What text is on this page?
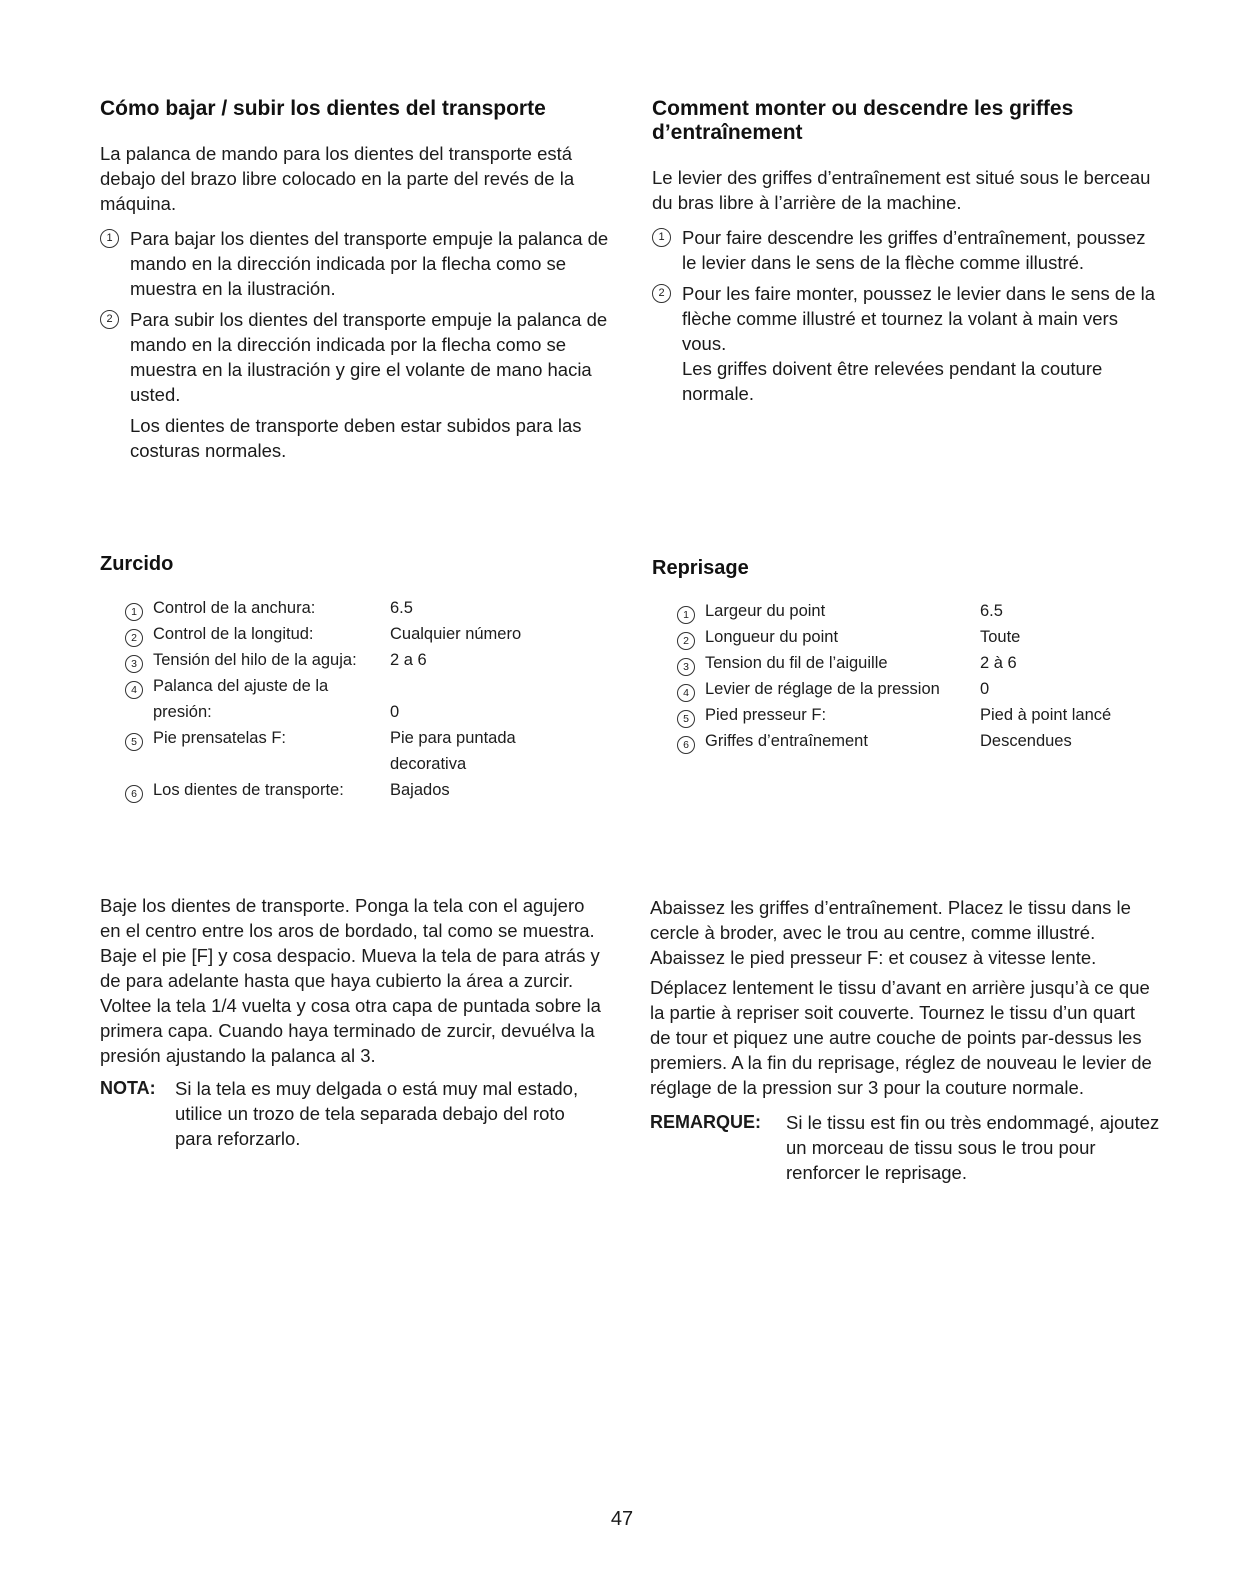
Cómo bajar / subir los dientes del transporte

La palanca de mando para los dientes del transporte está debajo del brazo libre colocado en la parte del revés de la máquina.

1 Para bajar los dientes del transporte empuje la palanca de mando en la dirección indicada por la flecha como se muestra en la ilustración.
2 Para subir los dientes del transporte empuje la palanca de mando en la dirección indicada por la flecha como se muestra en la ilustración y gire el volante de mano hacia usted.

Los dientes de transporte deben estar subidos para las costuras normales.

Comment monter ou descendre les griffes d’entraînement

Le levier des griffes d’entraînement est situé sous le berceau du bras libre à l’arrière de la machine.

1 Pour faire descendre les griffes d’entraînement, poussez le levier dans le sens de la flèche comme illustré.
2 Pour les faire monter, poussez le levier dans le sens de la flèche comme illustré et tournez la volant à main vers vous.

Les griffes doivent être relevées pendant la couture normale.

Zurcido
1	Control de la anchura:	6.5
2	Control de la longitud:	Cualquier número
3	Tensión del hilo de la aguja:	2 a 6
4	Palanca del ajuste de la presión:	0
5	Pie prensatelas F:	Pie para puntada decorativa
6	Los dientes de transporte:	Bajados
Reprisage
1	Largeur du point	6.5
2	Longueur du point	Toute
3	Tension du fil de l’aiguille	2 à 6
4	Levier de réglage de la pression	0
5	Pied presseur F:	Pied à point lancé
6	Griffes d’entraînement	Descendues

Baje los dientes de transporte. Ponga la tela con el agujero en el centro entre los aros de bordado, tal como se muestra. Baje el pie [F] y cosa despacio. Mueva la tela de para atrás y de para adelante hasta que haya cubierto la área a zurcir. Voltee la tela 1/4 vuelta y cosa otra capa de puntada sobre la primera capa. Cuando haya terminado de zurcir, devuélva la presión ajustando la palanca al 3.

NOTA:	Si la tela es muy delgada o está muy mal estado, utilice un trozo de tela separada debajo del roto para reforzarlo.

Abaissez les griffes d’entraînement. Placez le tissu dans le cercle à broder, avec le trou au centre, comme illustré. Abaissez le pied presseur F: et cousez à vitesse lente.

Déplacez lentement le tissu d’avant en arrière jusqu’à ce que la partie à repriser soit couverte. Tournez le tissu d’un quart de tour et piquez une autre couche de points par-dessus les premiers. A la fin du reprisage, réglez de nouveau le levier de réglage de la pression sur 3 pour la couture normale.

REMARQUE:	Si le tissu est fin ou très endommagé, ajoutez un morceau de tissu sous le trou pour renforcer le reprisage.
47
